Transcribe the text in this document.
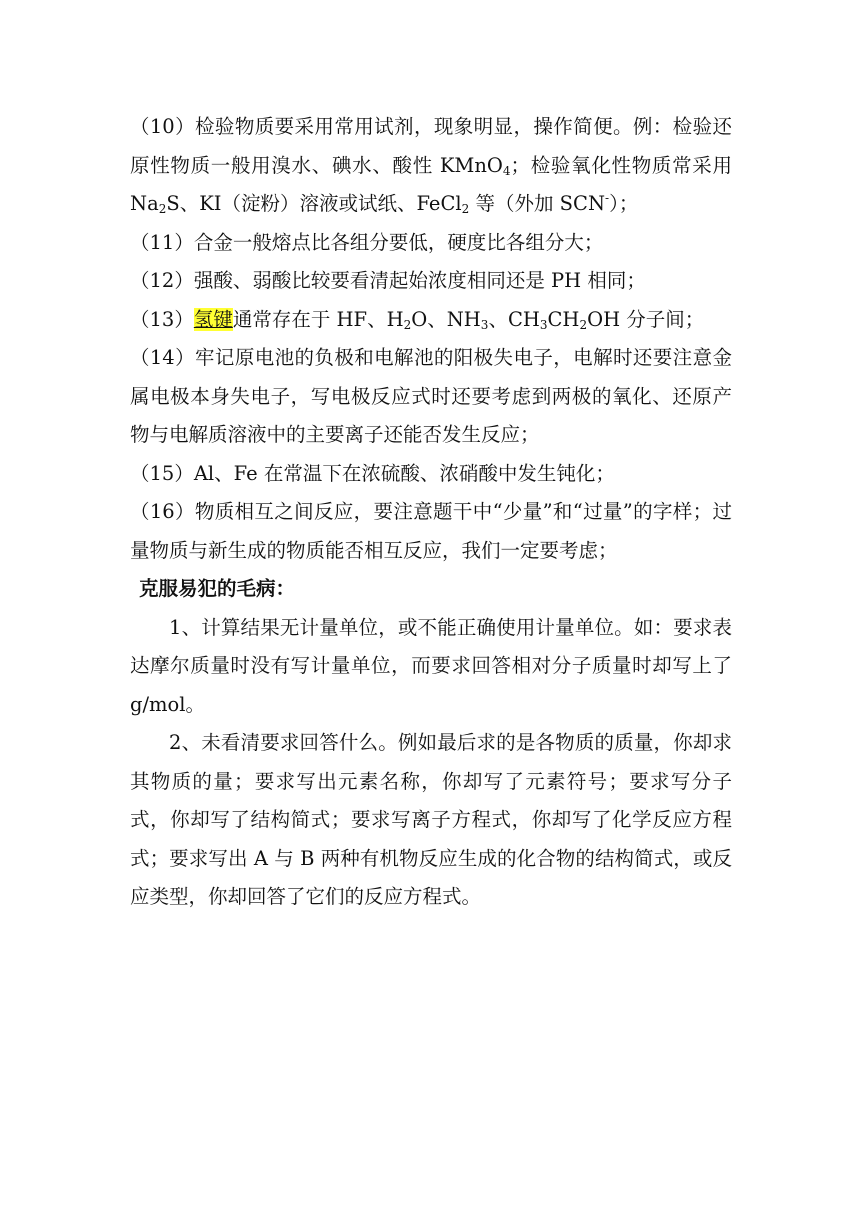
（10）检验物质要采用常用试剂，现象明显，操作简便。例：检验还原性物质一般用溴水、碘水、酸性 KMnO$_4$；检验氧化性物质常采用 $Na_2S$、KI（淀粉）溶液或试纸、FeCl$_2$ 等（外加 SCN-）；

（11）合金一般熔点比各组分要低，硬度比各组分大；

（12）强酸、弱酸比较要看清起始浓度相同还是 PH 相同；

（13）氢键通常存在于 HF、$H_2O$、$NH_3$、$CH_3CH_2OH$ 分子间；

（14）牢记原电池的负极和电解池的阳极失电子，电解时还要注意金属电极本身失电子，写电极反应式时还要考虑到两极的氧化、还原产物与电解质溶液中的主要离子还能否发生反应；

（15）Al、Fe 在常温下在浓硫酸、浓硝酸中发生钝化；

（16）物质相互之间反应，要注意题干中“少量”和“过量”的字样；过量物质与新生成的物质能否相互反应，我们一定要考虑；

克服易犯的毛病：

1、计算结果无计量单位，或不能正确使用计量单位。如：要求表达摩尔质量时没有写计量单位，而要求回答相对分子质量时却写上了 g/mol。

2、未看清要求回答什么。例如最后求的是各物质的质量，你却求其物质的量；要求写出元素名称，你却写了元素符号；要求写分子式，你却写了结构简式；要求写离子方程式，你却写了化学反应方程式；要求写出 A 与 B 两种有机物反应生成的化合物的结构简式，或反应类型，你却回答了它们的反应方程式。
